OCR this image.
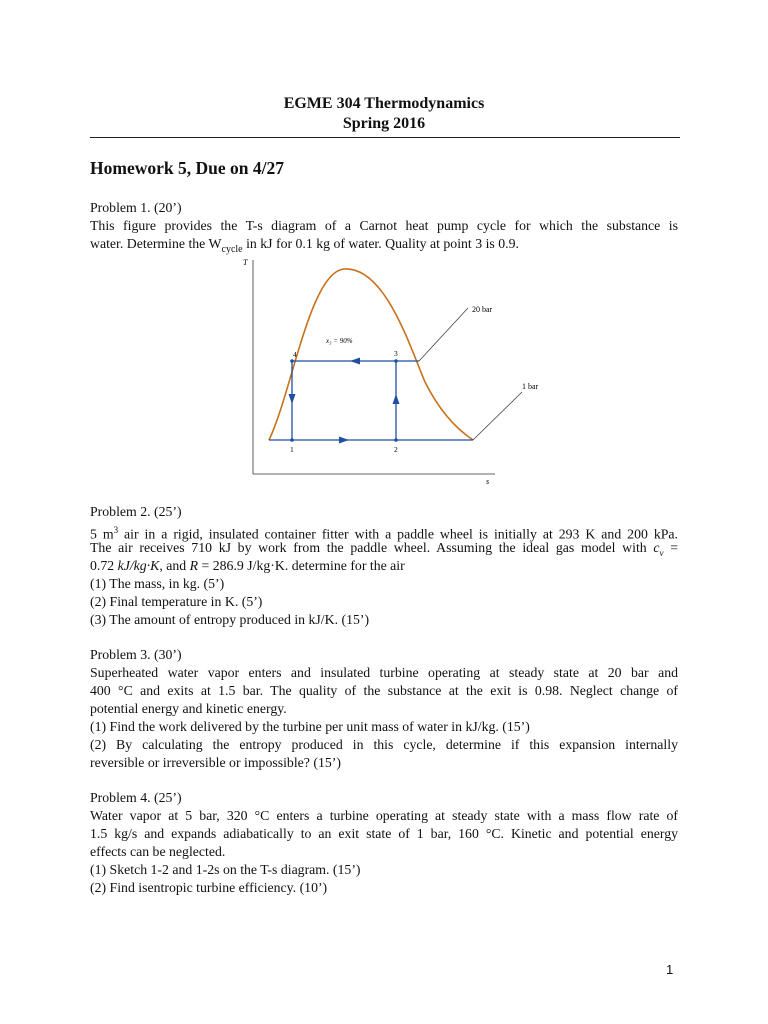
EGME 304 Thermodynamics
Spring 2016
Homework 5, Due on 4/27
Problem 1. (20’)
This figure provides the T-s diagram of a Carnot heat pump cycle for which the substance is
water. Determine the $W_{cycle}$ in kJ for 0.1 kg of water. Quality at point 3 is 0.9.
T
s
20 bar
1 bar
x₃ = 90%
4	3
1	2
Problem 2. (25’)
5 $m^3$ air in a rigid, insulated container fitter with a paddle wheel is initially at 293 K and 200 kPa.
The air receives 710 kJ by work from the paddle wheel. Assuming the ideal gas model with $c_v$ =
0.72 kJ/kg·K, and R = 286.9 J/kg·K. determine for the air
(1) The mass, in kg. (5’)
(2) Final temperature in K. (5’)
(3) The amount of entropy produced in kJ/K. (15’)
Problem 3. (30’)
Superheated water vapor enters and insulated turbine operating at steady state at 20 bar and
400 °C and exits at 1.5 bar. The quality of the substance at the exit is 0.98. Neglect change of
potential energy and kinetic energy.
(1) Find the work delivered by the turbine per unit mass of water in kJ/kg. (15’)
(2) By calculating the entropy produced in this cycle, determine if this expansion internally
reversible or irreversible or impossible? (15’)
Problem 4. (25’)
Water vapor at 5 bar, 320 °C enters a turbine operating at steady state with a mass flow rate of
1.5 kg/s and expands adiabatically to an exit state of 1 bar, 160 °C. Kinetic and potential energy
effects can be neglected.
(1) Sketch 1-2 and 1-2s on the T-s diagram. (15’)
(2) Find isentropic turbine efficiency. (10’)
1
